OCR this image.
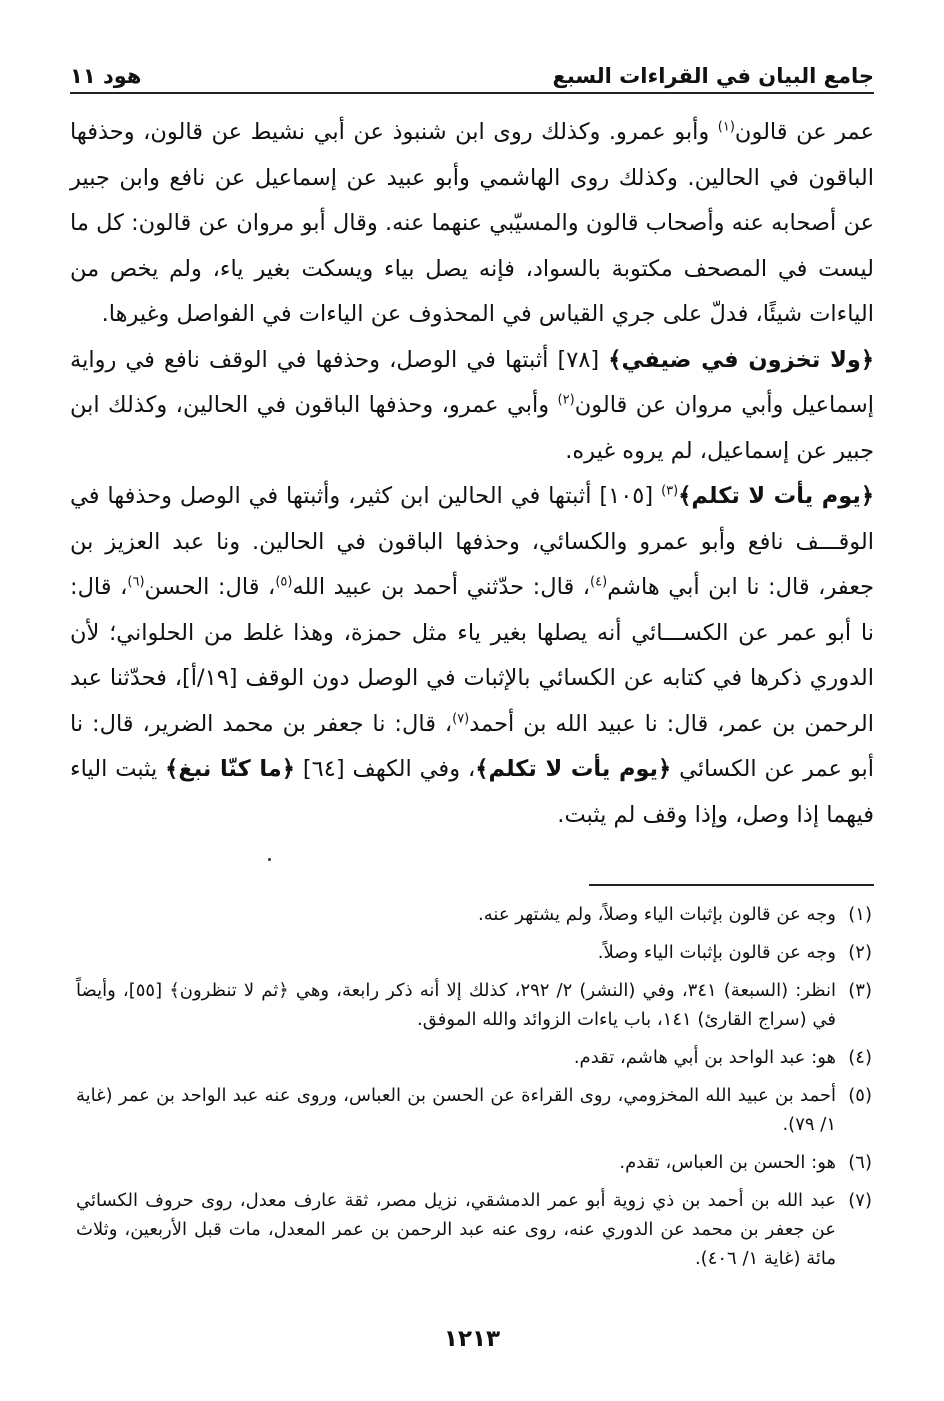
جامع البيان في القراءات السبع
هود ١١

عمر عن قالون$^{(١)}$ وأبو عمرو. وكذلك روى ابن شنبوذ عن أبي نشيط عن قالون، وحذفها الباقون في الحالين. وكذلك روى الهاشمي وأبو عبيد عن إسماعيل عن نافع وابن جبير عن أصحابه عنه وأصحاب قالون والمسيّبي عنهما عنه. وقال أبو مروان عن قالون: كل ما ليست في المصحف مكتوبة بالسواد، فإنه يصل بياء ويسكت بغير ياء، ولم يخص من الياءات شيئًا، فدلّ على جري القياس في المحذوف عن الياءات في الفواصل وغيرها.

﴿ولا تخزون في ضيفي﴾ [٧٨] أثبتها في الوصل، وحذفها في الوقف نافع في رواية إسماعيل وأبي مروان عن قالون$^{(٢)}$ وأبي عمرو، وحذفها الباقون في الحالين، وكذلك ابن جبير عن إسماعيل، لم يروه غيره.

﴿يوم يأت لا تكلم﴾$^{(٣)}$ [١٠٥] أثبتها في الحالين ابن كثير، وأثبتها في الوصل وحذفها في الوقـــف نافع وأبو عمرو والكسائي، وحذفها الباقون في الحالين. ونا عبد العزيز بن جعفر، قال: نا ابن أبي هاشم$^{(٤)}$، قال: حدّثني أحمد بن عبيد الله$^{(٥)}$، قال: الحسن$^{(٦)}$، قال: نا أبو عمر عن الكســـائي أنه يصلها بغير ياء مثل حمزة، وهذا غلط من الحلواني؛ لأن الدوري ذكرها في كتابه عن الكسائي بالإثبات في الوصل دون الوقف [١٩/أ]، فحدّثنا عبد الرحمن بن عمر، قال: نا عبيد الله بن أحمد$^{(٧)}$، قال: نا جعفر بن محمد الضرير، قال: نا أبو عمر عن الكسائي ﴿يوم يأت لا تكلم﴾، وفي الكهف [٦٤] ﴿ما كنّا نبغ﴾ يثبت الياء فيهما إذا وصل، وإذا وقف لم يثبت.

(١)
وجه عن قالون بإثبات الياء وصلاً، ولم يشتهر عنه.
(٢)
وجه عن قالون بإثبات الياء وصلاً.
(٣)
انظر: (السبعة) ٣٤١، وفي (النشر) ٢/ ٢٩٢، كذلك إلا أنه ذكر رابعة، وهي ﴿ثم لا تنظرون﴾ [٥٥]، وأيضاً في (سراج القارئ) ١٤١، باب ياءات الزوائد والله الموفق.
(٤)
هو: عبد الواحد بن أبي هاشم، تقدم.
(٥)
أحمد بن عبيد الله المخزومي، روى القراءة عن الحسن بن العباس، وروى عنه عبد الواحد بن عمر (غاية ١/ ٧٩).
(٦)
هو: الحسن بن العباس، تقدم.
(٧)
عبد الله بن أحمد بن ذي زوية أبو عمر الدمشقي، نزيل مصر، ثقة عارف معدل، روى حروف الكسائي عن جعفر بن محمد عن الدوري عنه، روى عنه عبد الرحمن بن عمر المعدل، مات قبل الأربعين، وثلاث مائة (غاية ١/ ٤٠٦).
١٢١٣
